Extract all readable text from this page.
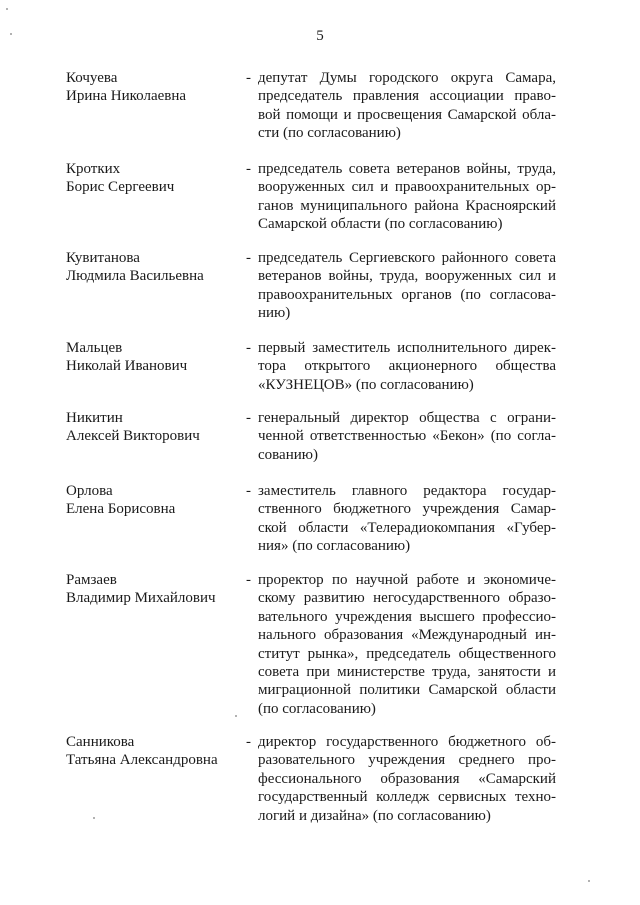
5
Кочуева
Ирина Николаевна
- депутат Думы городского округа Самара,
председатель правления ассоциации право-
вой помощи и просвещения Самарской обла-
сти (по согласованию)
Кротких
Борис Сергеевич
- председатель совета ветеранов войны, труда,
вооруженных сил и правоохранительных ор-
ганов муниципального района Красноярский
Самарской области (по согласованию)
Кувитанова
Людмила Васильевна
- председатель Сергиевского районного совета
ветеранов войны, труда, вооруженных сил и
правоохранительных органов (по согласова-
нию)
Мальцев
Николай Иванович
- первый заместитель исполнительного дирек-
тора открытого акционерного общества
«КУЗНЕЦОВ» (по согласованию)
Никитин
Алексей Викторович
- генеральный директор общества с ограни-
ченной ответственностью «Бекон» (по согла-
сованию)
Орлова
Елена Борисовна
- заместитель главного редактора государ-
ственного бюджетного учреждения Самар-
ской области «Телерадиокомпания «Губер-
ния» (по согласованию)
Рамзаев
Владимир Михайлович
- проректор по научной работе и экономиче-
скому развитию негосударственного образо-
вательного учреждения высшего профессио-
нального образования «Международный ин-
ститут рынка», председатель общественного
совета при министерстве труда, занятости и
миграционной политики Самарской области
(по согласованию)
Санникова
Татьяна Александровна
- директор государственного бюджетного об-
разовательного учреждения среднего про-
фессионального образования «Самарский
государственный колледж сервисных техно-
логий и дизайна» (по согласованию)
